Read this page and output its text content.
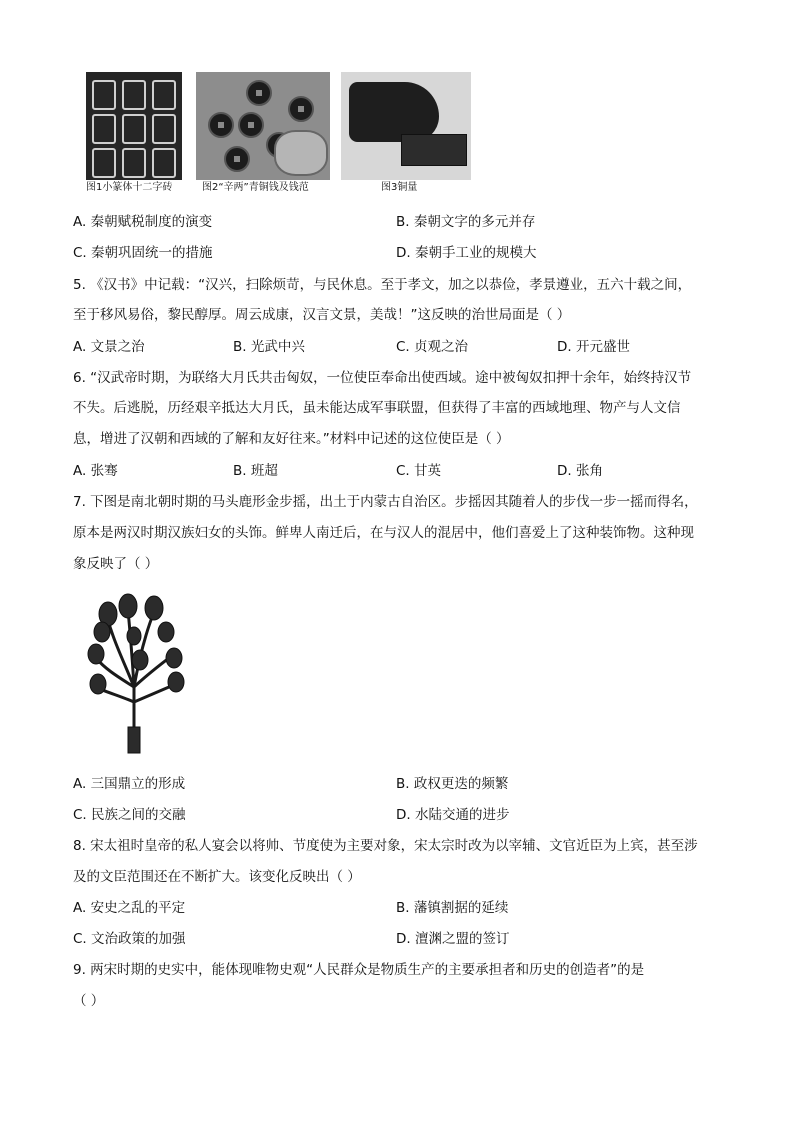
图1小篆体十二字砖	图2“辛两”青铜钱及钱范	图3铜量
A. 秦朝赋税制度的演变	B. 秦朝文字的多元并存
C. 秦朝巩固统一的措施	D. 秦朝手工业的规模大
5. 《汉书》中记载：“汉兴，扫除烦苛，与民休息。至于孝文，加之以恭俭，孝景遵业，五六十载之间，
至于移风易俗，黎民醇厚。周云成康，汉言文景，美哉！”这反映的治世局面是（ ）
A. 文景之治	B. 光武中兴	C. 贞观之治	D. 开元盛世
6. “汉武帝时期，为联络大月氏共击匈奴，一位使臣奉命出使西域。途中被匈奴扣押十余年，始终持汉节
不失。后逃脱，历经艰辛抵达大月氏，虽未能达成军事联盟，但获得了丰富的西域地理、物产与人文信
息，增进了汉朝和西域的了解和友好往来。”材料中记述的这位使臣是（ ）
A. 张骞	B. 班超	C. 甘英	D. 张角
7. 下图是南北朝时期的马头鹿形金步摇，出土于内蒙古自治区。步摇因其随着人的步伐一步一摇而得名，
原本是两汉时期汉族妇女的头饰。鲜卑人南迁后，在与汉人的混居中，他们喜爱上了这种装饰物。这种现
象反映了（ ）
A. 三国鼎立的形成	B. 政权更迭的频繁
C. 民族之间的交融	D. 水陆交通的进步
8. 宋太祖时皇帝的私人宴会以将帅、节度使为主要对象，宋太宗时改为以宰辅、文官近臣为上宾，甚至涉
及的文臣范围还在不断扩大。该变化反映出（ ）
A. 安史之乱的平定	B. 藩镇割据的延续
C. 文治政策的加强	D. 澶渊之盟的签订
9. 两宋时期的史实中，能体现唯物史观“人民群众是物质生产的主要承担者和历史的创造者”的是
（ ）
